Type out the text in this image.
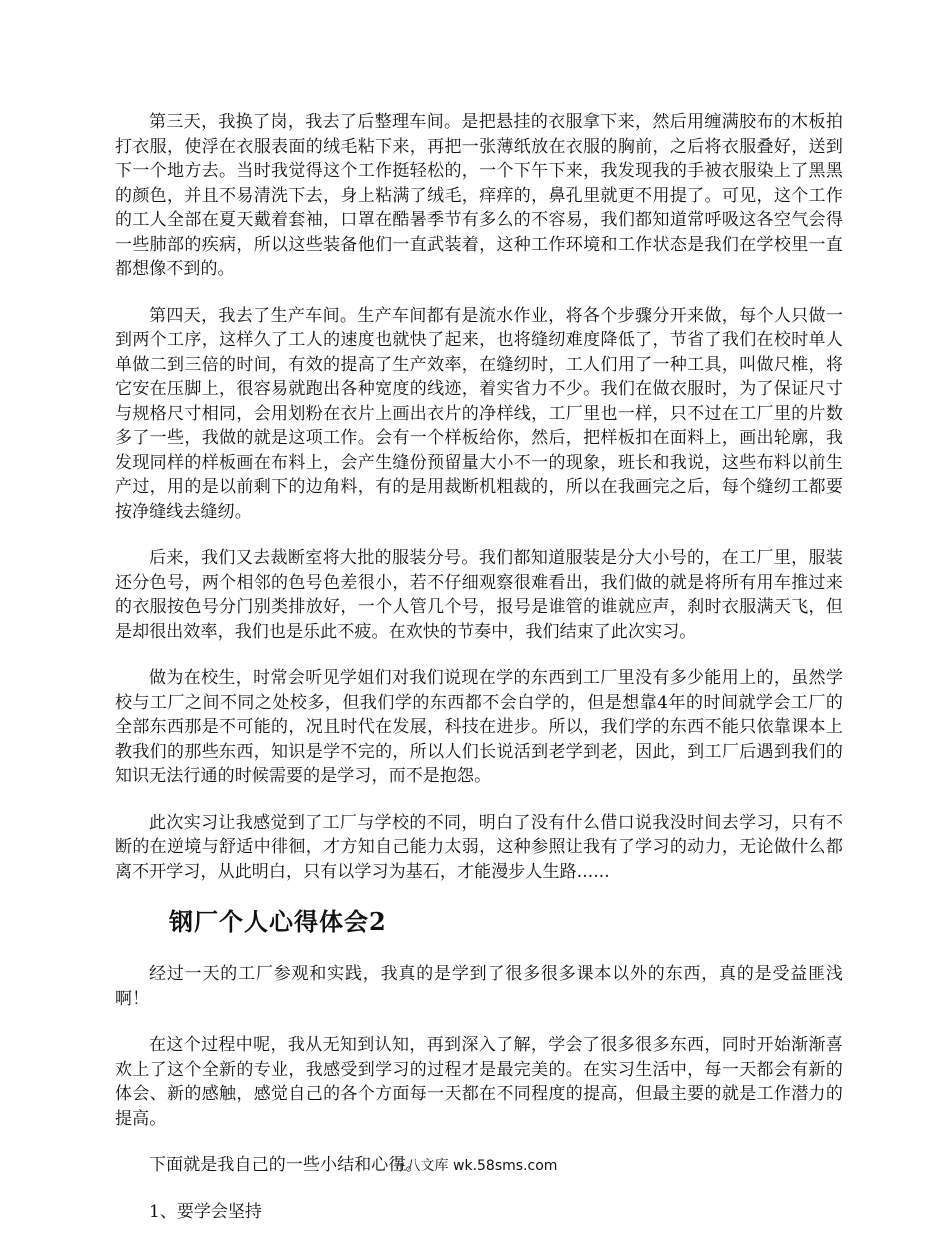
第三天，我换了岗，我去了后整理车间。是把悬挂的衣服拿下来，然后用缠满胶布的木板拍打衣服，使浮在衣服表面的绒毛粘下来，再把一张薄纸放在衣服的胸前，之后将衣服叠好，送到下一个地方去。当时我觉得这个工作挺轻松的，一个下午下来，我发现我的手被衣服染上了黑黑的颜色，并且不易清洗下去，身上粘满了绒毛，痒痒的，鼻孔里就更不用提了。可见，这个工作的工人全部在夏天戴着套袖，口罩在酷暑季节有多么的不容易，我们都知道常呼吸这各空气会得一些肺部的疾病，所以这些装备他们一直武装着，这种工作环境和工作状态是我们在学校里一直都想像不到的。

第四天，我去了生产车间。生产车间都有是流水作业，将各个步骤分开来做，每个人只做一到两个工序，这样久了工人的速度也就快了起来，也将缝纫难度降低了，节省了我们在校时单人单做二到三倍的时间，有效的提高了生产效率，在缝纫时，工人们用了一种工具，叫做尺椎，将它安在压脚上，很容易就跑出各种宽度的线迹，着实省力不少。我们在做衣服时，为了保证尺寸与规格尺寸相同，会用划粉在衣片上画出衣片的净样线，工厂里也一样，只不过在工厂里的片数多了一些，我做的就是这项工作。会有一个样板给你，然后，把样板扣在面料上，画出轮廓，我发现同样的样板画在布料上，会产生缝份预留量大小不一的现象，班长和我说，这些布料以前生产过，用的是以前剩下的边角料，有的是用裁断机粗裁的，所以在我画完之后，每个缝纫工都要按净缝线去缝纫。

后来，我们又去裁断室将大批的服装分号。我们都知道服装是分大小号的，在工厂里，服装还分色号，两个相邻的色号色差很小，若不仔细观察很难看出，我们做的就是将所有用车推过来的衣服按色号分门别类排放好，一个人管几个号，报号是谁管的谁就应声，刹时衣服满天飞，但是却很出效率，我们也是乐此不疲。在欢快的节奏中，我们结束了此次实习。

做为在校生，时常会听见学姐们对我们说现在学的东西到工厂里没有多少能用上的，虽然学校与工厂之间不同之处校多，但我们学的东西都不会白学的，但是想靠4年的时间就学会工厂的全部东西那是不可能的，况且时代在发展，科技在进步。所以，我们学的东西不能只依靠课本上教我们的那些东西，知识是学不完的，所以人们长说活到老学到老，因此，到工厂后遇到我们的知识无法行通的时候需要的是学习，而不是抱怨。

此次实习让我感觉到了工厂与学校的不同，明白了没有什么借口说我没时间去学习，只有不断的在逆境与舒适中徘徊，才方知自己能力太弱，这种参照让我有了学习的动力，无论做什么都离不开学习，从此明白，只有以学习为基石，才能漫步人生路......

钢厂个人心得体会2

经过一天的工厂参观和实践，我真的是学到了很多很多课本以外的东西，真的是受益匪浅啊！

在这个过程中呢，我从无知到认知，再到深入了解，学会了很多很多东西，同时开始渐渐喜欢上了这个全新的专业，我感受到学习的过程才是最完美的。在实习生活中，每一天都会有新的体会、新的感触，感觉自己的各个方面每一天都在不同程度的提高，但最主要的就是工作潜力的提高。

下面就是我自己的一些小结和心得。

1、要学会坚持

五八文库 wk.58sms.com
